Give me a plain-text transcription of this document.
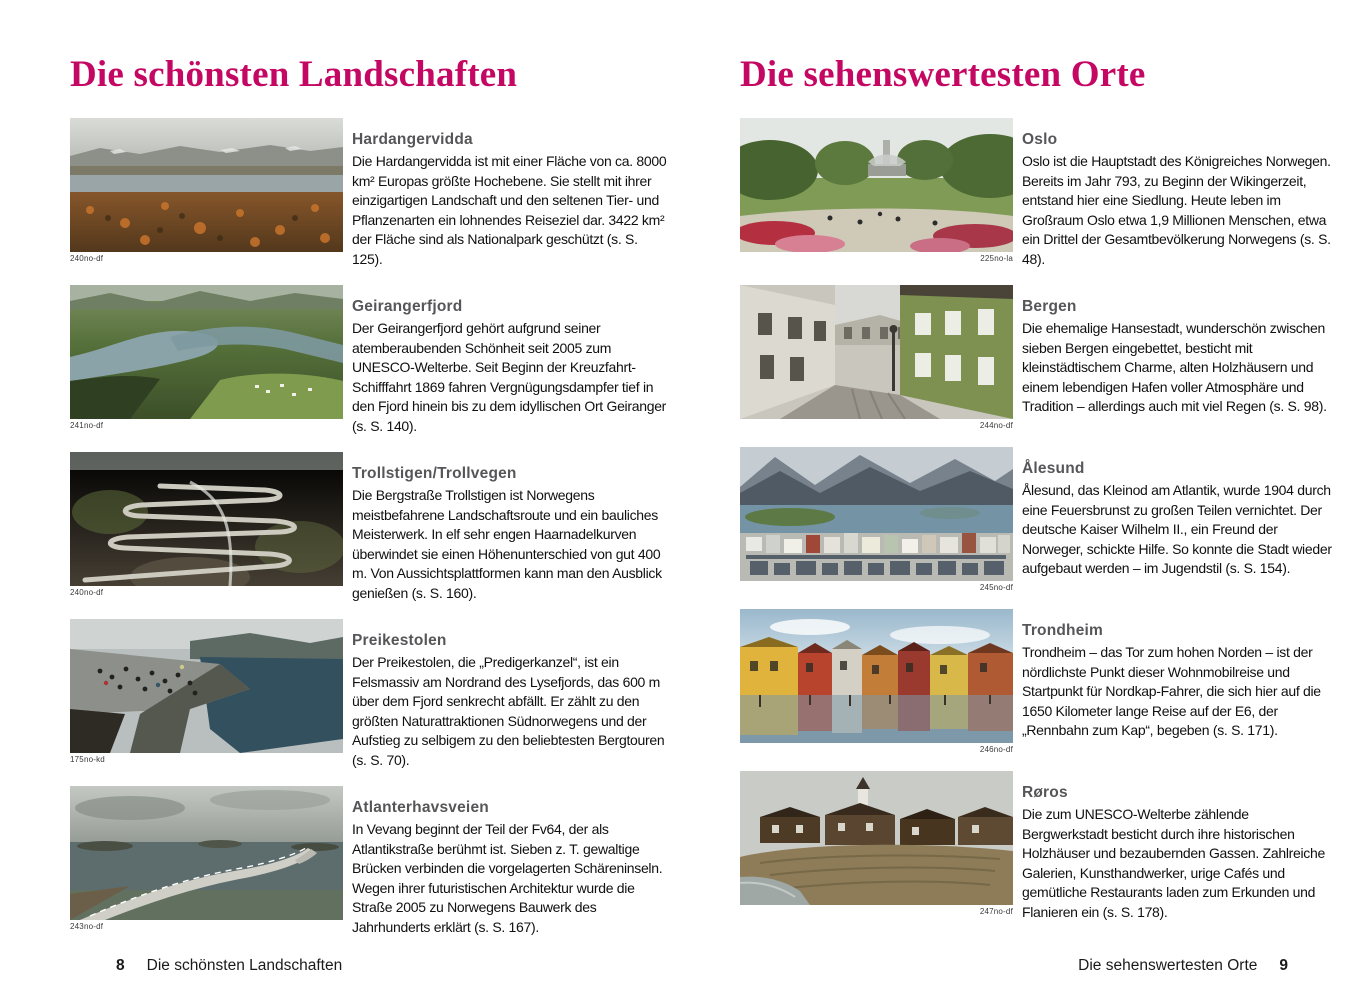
Die schönsten Landschaften
240no-df
Hardangervidda

Die Hardangervidda ist mit einer Fläche von ca. 8000 km² Europas größte Hochebene. Sie stellt mit ihrer einzigartigen Landschaft und den seltenen Tier- und Pflanzenarten ein lohnendes Reiseziel dar. 3422 km² der Fläche sind als Nationalpark geschützt (s. S. 125).

241no-df
Geirangerfjord

Der Geirangerfjord gehört aufgrund seiner atemberaubenden Schönheit seit 2005 zum UNESCO-Welterbe. Seit Beginn der Kreuzfahrt-Schifffahrt 1869 fahren Vergnügungsdampfer tief in den Fjord hinein bis zu dem idyllischen Ort Geiranger (s. S. 140).

240no-df
Trollstigen/Trollvegen

Die Bergstraße Trollstigen ist Norwegens meistbefahrene Landschaftsroute und ein bauliches Meisterwerk. In elf sehr engen Haarnadelkurven überwindet sie einen Höhenunterschied von gut 400 m. Von Aussichtsplattformen kann man den Ausblick genießen (s. S. 160).

175no-kd
Preikestolen

Der Preikestolen, die „Predigerkanzel“, ist ein Felsmassiv am Nordrand des Lysefjords, das 600 m über dem Fjord senkrecht abfällt. Er zählt zu den größten Naturattraktionen Südnorwegens und der Aufstieg zu selbigem zu den beliebtesten Bergtouren (s. S. 70).

243no-df
Atlanterhavsveien

In Vevang beginnt der Teil der Fv64, der als Atlantikstraße berühmt ist. Sieben z. T. gewaltige Brücken verbinden die vorgelagerten Schäreninseln. Wegen ihrer futuristischen Architektur wurde die Straße 2005 zu Norwegens Bauwerk des Jahrhunderts erklärt (s. S. 167).

8 Die schönsten Landschaften
Die sehenswertesten Orte
225no-la
Oslo

Oslo ist die Hauptstadt des Königreiches Norwegen. Bereits im Jahr 793, zu Beginn der Wikingerzeit, entstand hier eine Siedlung. Heute leben im Großraum Oslo etwa 1,9 Millionen Menschen, etwa ein Drittel der Gesamtbevölkerung Norwegens (s. S. 48).

244no-df
Bergen

Die ehemalige Hansestadt, wunderschön zwischen sieben Bergen eingebettet, besticht mit kleinstädtischem Charme, alten Holzhäusern und einem lebendigen Hafen voller Atmosphäre und Tradition – allerdings auch mit viel Regen (s. S. 98).

245no-df
Ålesund

Ålesund, das Kleinod am Atlantik, wurde 1904 durch eine Feuersbrunst zu großen Teilen vernichtet. Der deutsche Kaiser Wilhelm II., ein Freund der Norweger, schickte Hilfe. So konnte die Stadt wieder aufgebaut werden – im Jugendstil (s. S. 154).

246no-df
Trondheim

Trondheim – das Tor zum hohen Norden – ist der nördlichste Punkt dieser Wohnmobilreise und Startpunkt für Nordkap-Fahrer, die sich hier auf die 1650 Kilometer lange Reise auf der E6, der „Rennbahn zum Kap“, begeben (s. S. 171).

247no-df
Røros

Die zum UNESCO-Welterbe zählende Bergwerkstadt besticht durch ihre historischen Holzhäuser und bezaubernden Gassen. Zahlreiche Galerien, Kunsthandwerker, urige Cafés und gemütliche Restaurants laden zum Erkunden und Flanieren ein (s. S. 178).

Die sehenswertesten Orte 9
